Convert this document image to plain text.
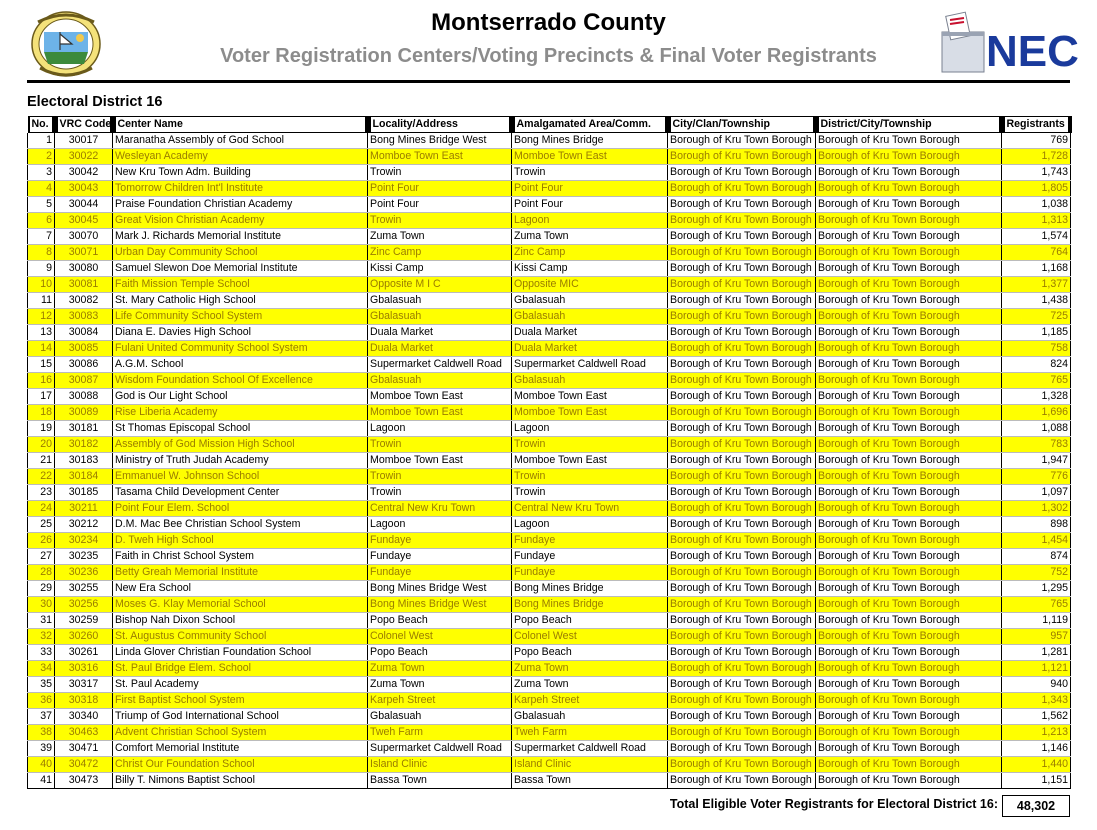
Montserrado County
Voter Registration Centers/Voting Precincts & Final Voter Registrants	NEC
Electoral District 16
No.	VRC Code	Center Name	Locality/Address	Amalgamated Area/Comm.	City/Clan/Township	District/City/Township	Registrants

1	30017	Maranatha Assembly of God School	Bong Mines Bridge West	Bong Mines Bridge	Borough of Kru Town Borough	Borough of Kru Town Borough	769
2	30022	Wesleyan Academy	Momboe Town East	Momboe Town East	Borough of Kru Town Borough	Borough of Kru Town Borough	1,728
3	30042	New Kru Town Adm. Building	Trowin	Trowin	Borough of Kru Town Borough	Borough of Kru Town Borough	1,743
4	30043	Tomorrow Children Int'l Institute	Point Four	Point Four	Borough of Kru Town Borough	Borough of Kru Town Borough	1,805
5	30044	Praise Foundation Christian Academy	Point Four	Point Four	Borough of Kru Town Borough	Borough of Kru Town Borough	1,038
6	30045	Great Vision Christian Academy	Trowin	Lagoon	Borough of Kru Town Borough	Borough of Kru Town Borough	1,313
7	30070	Mark J. Richards Memorial Institute	Zuma Town	Zuma Town	Borough of Kru Town Borough	Borough of Kru Town Borough	1,574
8	30071	Urban Day Community School	Zinc Camp	Zinc Camp	Borough of Kru Town Borough	Borough of Kru Town Borough	764
9	30080	Samuel Slewon Doe Memorial Institute	Kissi Camp	Kissi Camp	Borough of Kru Town Borough	Borough of Kru Town Borough	1,168
10	30081	Faith Mission Temple School	Opposite M I C	Opposite MIC	Borough of Kru Town Borough	Borough of Kru Town Borough	1,377
11	30082	St. Mary Catholic High School	Gbalasuah	Gbalasuah	Borough of Kru Town Borough	Borough of Kru Town Borough	1,438
12	30083	Life Community School System	Gbalasuah	Gbalasuah	Borough of Kru Town Borough	Borough of Kru Town Borough	725
13	30084	Diana E. Davies High School	Duala Market	Duala Market	Borough of Kru Town Borough	Borough of Kru Town Borough	1,185
14	30085	Fulani United Community School System	Duala Market	Duala Market	Borough of Kru Town Borough	Borough of Kru Town Borough	758
15	30086	A.G.M. School	Supermarket Caldwell Road	Supermarket Caldwell Road	Borough of Kru Town Borough	Borough of Kru Town Borough	824
16	30087	Wisdom Foundation School Of Excellence	Gbalasuah	Gbalasuah	Borough of Kru Town Borough	Borough of Kru Town Borough	765
17	30088	God is Our Light School	Momboe Town East	Momboe Town East	Borough of Kru Town Borough	Borough of Kru Town Borough	1,328
18	30089	Rise Liberia Academy	Momboe Town East	Momboe Town East	Borough of Kru Town Borough	Borough of Kru Town Borough	1,696
19	30181	St Thomas Episcopal School	Lagoon	Lagoon	Borough of Kru Town Borough	Borough of Kru Town Borough	1,088
20	30182	Assembly of God Mission High School	Trowin	Trowin	Borough of Kru Town Borough	Borough of Kru Town Borough	783
21	30183	Ministry of Truth Judah Academy	Momboe Town East	Momboe Town East	Borough of Kru Town Borough	Borough of Kru Town Borough	1,947
22	30184	Emmanuel W. Johnson School	Trowin	Trowin	Borough of Kru Town Borough	Borough of Kru Town Borough	776
23	30185	Tasama Child Development Center	Trowin	Trowin	Borough of Kru Town Borough	Borough of Kru Town Borough	1,097
24	30211	Point Four Elem. School	Central New Kru Town	Central New Kru Town	Borough of Kru Town Borough	Borough of Kru Town Borough	1,302
25	30212	D.M. Mac Bee Christian School System	Lagoon	Lagoon	Borough of Kru Town Borough	Borough of Kru Town Borough	898
26	30234	D. Tweh High School	Fundaye	Fundaye	Borough of Kru Town Borough	Borough of Kru Town Borough	1,454
27	30235	Faith in Christ School System	Fundaye	Fundaye	Borough of Kru Town Borough	Borough of Kru Town Borough	874
28	30236	Betty Greah Memorial Institute	Fundaye	Fundaye	Borough of Kru Town Borough	Borough of Kru Town Borough	752
29	30255	New Era School	Bong Mines Bridge West	Bong Mines Bridge	Borough of Kru Town Borough	Borough of Kru Town Borough	1,295
30	30256	Moses G. Klay Memorial School	Bong Mines Bridge West	Bong Mines Bridge	Borough of Kru Town Borough	Borough of Kru Town Borough	765
31	30259	Bishop Nah Dixon School	Popo Beach	Popo Beach	Borough of Kru Town Borough	Borough of Kru Town Borough	1,119
32	30260	St. Augustus Community School	Colonel West	Colonel West	Borough of Kru Town Borough	Borough of Kru Town Borough	957
33	30261	Linda Glover Christian Foundation School	Popo Beach	Popo Beach	Borough of Kru Town Borough	Borough of Kru Town Borough	1,281
34	30316	St. Paul Bridge Elem. School	Zuma Town	Zuma Town	Borough of Kru Town Borough	Borough of Kru Town Borough	1,121
35	30317	St. Paul Academy	Zuma Town	Zuma Town	Borough of Kru Town Borough	Borough of Kru Town Borough	940
36	30318	First Baptist School System	Karpeh Street	Karpeh Street	Borough of Kru Town Borough	Borough of Kru Town Borough	1,343
37	30340	Triump of God International School	Gbalasuah	Gbalasuah	Borough of Kru Town Borough	Borough of Kru Town Borough	1,562
38	30463	Advent Christian School System	Tweh Farm	Tweh Farm	Borough of Kru Town Borough	Borough of Kru Town Borough	1,213
39	30471	Comfort Memorial Institute	Supermarket Caldwell Road	Supermarket Caldwell Road	Borough of Kru Town Borough	Borough of Kru Town Borough	1,146
40	30472	Christ Our Foundation School	Island Clinic	Island Clinic	Borough of Kru Town Borough	Borough of Kru Town Borough	1,440
41	30473	Billy T. Nimons Baptist School	Bassa Town	Bassa Town	Borough of Kru Town Borough	Borough of Kru Town Borough	1,151
Total Eligible Voter Registrants for Electoral District 16:	48,302
